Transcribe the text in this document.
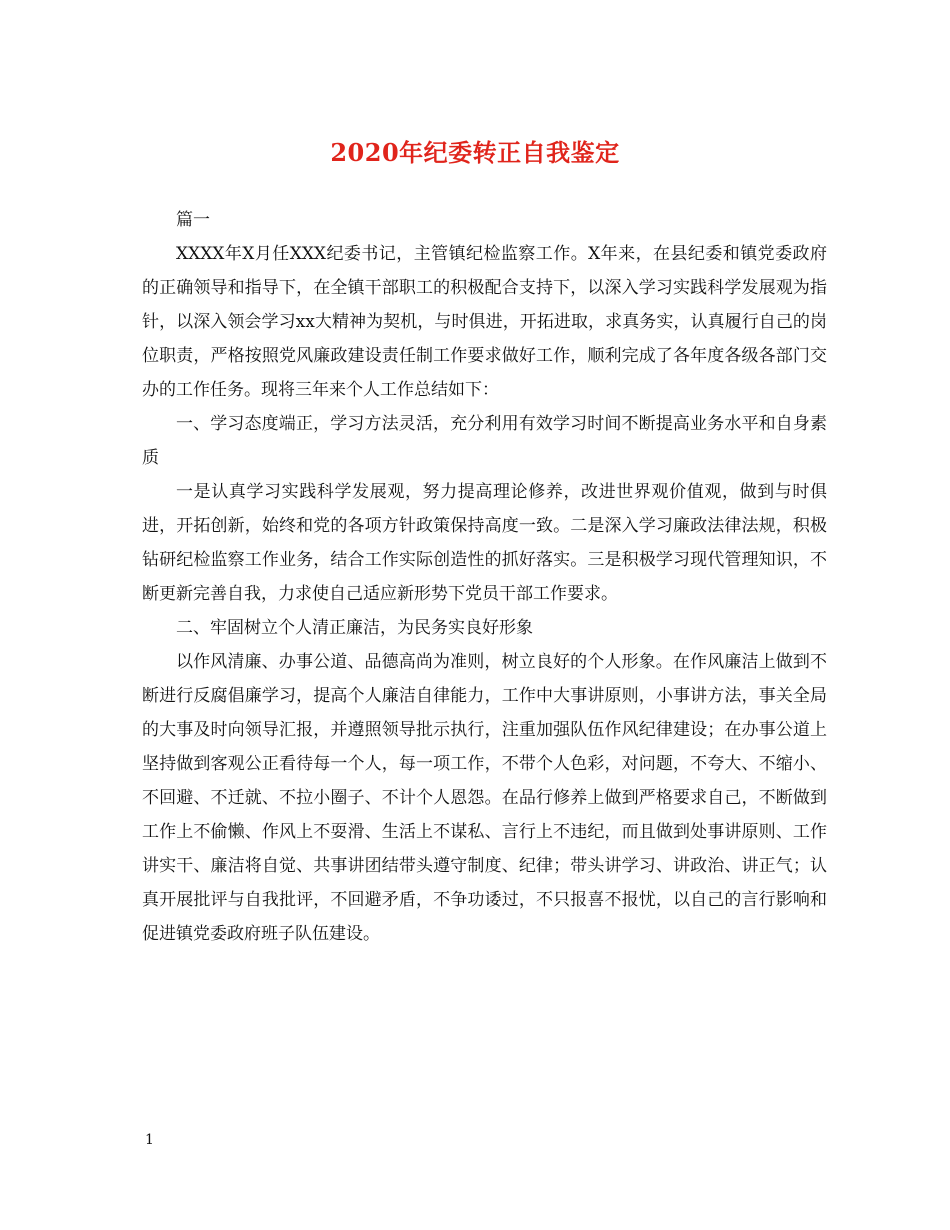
2020年纪委转正自我鉴定

篇一

XXXX年X月任XXX纪委书记，主管镇纪检监察工作。X年来，在县纪委和镇党委政府的正确领导和指导下，在全镇干部职工的积极配合支持下，以深入学习实践科学发展观为指针，以深入领会学习xx大精神为契机，与时俱进，开拓进取，求真务实，认真履行自己的岗位职责，严格按照党风廉政建设责任制工作要求做好工作，顺利完成了各年度各级各部门交办的工作任务。现将三年来个人工作总结如下：

一、学习态度端正，学习方法灵活，充分利用有效学习时间不断提高业务水平和自身素质

一是认真学习实践科学发展观，努力提高理论修养，改进世界观价值观，做到与时俱进，开拓创新，始终和党的各项方针政策保持高度一致。二是深入学习廉政法律法规，积极钻研纪检监察工作业务，结合工作实际创造性的抓好落实。三是积极学习现代管理知识，不断更新完善自我，力求使自己适应新形势下党员干部工作要求。

二、牢固树立个人清正廉洁，为民务实良好形象

以作风清廉、办事公道、品德高尚为准则，树立良好的个人形象。在作风廉洁上做到不断进行反腐倡廉学习，提高个人廉洁自律能力，工作中大事讲原则，小事讲方法，事关全局的大事及时向领导汇报，并遵照领导批示执行，注重加强队伍作风纪律建设；在办事公道上坚持做到客观公正看待每一个人，每一项工作，不带个人色彩，对问题，不夸大、不缩小、不回避、不迁就、不拉小圈子、不计个人恩怨。在品行修养上做到严格要求自己，不断做到工作上不偷懒、作风上不耍滑、生活上不谋私、言行上不违纪，而且做到处事讲原则、工作讲实干、廉洁将自觉、共事讲团结带头遵守制度、纪律；带头讲学习、讲政治、讲正气；认真开展批评与自我批评，不回避矛盾，不争功诿过，不只报喜不报忧，以自己的言行影响和促进镇党委政府班子队伍建设。

1
